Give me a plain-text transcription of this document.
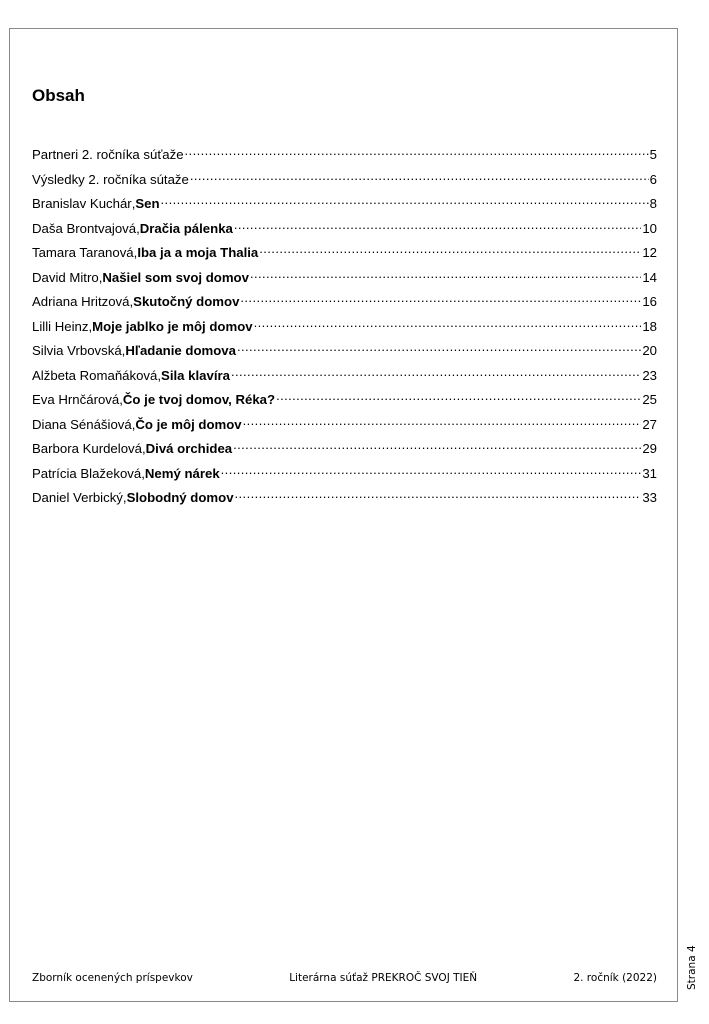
Obsah
Partneri 2. ročníka súťaže .....	5
Výsledky 2. ročníka sútaže .....	6
Branislav Kuchár , Sen .....	8
Daša Brontvajová , Dračia pálenka .....	10
Tamara Taranová , Iba ja a moja Thalia .....	12
David Mitro , Našiel som svoj domov .....	14
Adriana Hritzová , Skutočný domov .....	16
Lilli Heinz , Moje jablko je môj domov .....	18
Silvia Vrbovská , Hľadanie domova .....	20
Alžbeta Romaňáková , Sila klavíra .....	23
Eva Hrnčárová , Čo je tvoj domov, Réka? .....	25
Diana Sénášiová , Čo je môj domov .....	27
Barbora Kurdelová , Divá orchidea .....	29
Patrícia Blažeková , Nemý nárek .....	31
Daniel Verbický , Slobodný domov .....	33
Zborník ocenených príspevkov	Literárna súťaž PREKROČ SVOJ TIEŇ	2. ročník (2022)	Strana 4
